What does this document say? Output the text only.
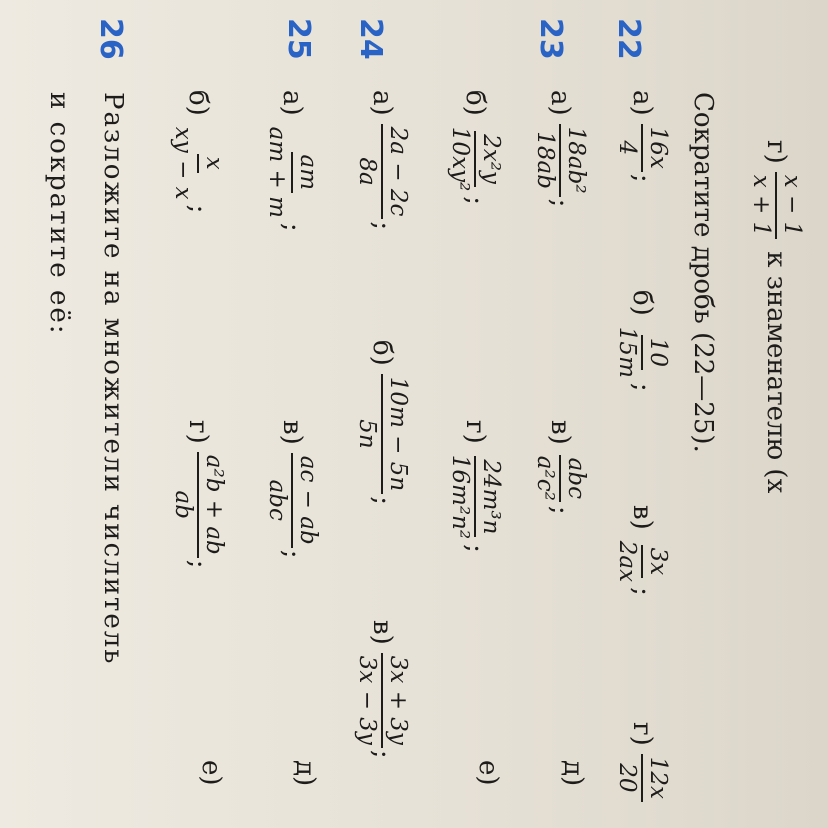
г)
x − 1
x + 1
к знаменателю (x
Сократите дробь (22—25).
22
23
24
25
26
а)
16x
4
;
б)
10
15m
;
в)
3x
2ax
;
г)
12x
20
а)
18ab²
18ab
;
в)
abc
a²c²
;
д)
б)
2x²y
10xy²
;
г)
24m³n
16m²n²
;
е)
а)
2a − 2c
8a
;
б)
10m − 5n
5n
;
в)
3x + 3y
3x − 3y
;
а)
am
am + m
;
в)
ac − ab
abc
;
д)
б)
x
xy − x
;
г)
a²b + ab
ab
;
е)
Разложите на множители числитель
и сократите её:
